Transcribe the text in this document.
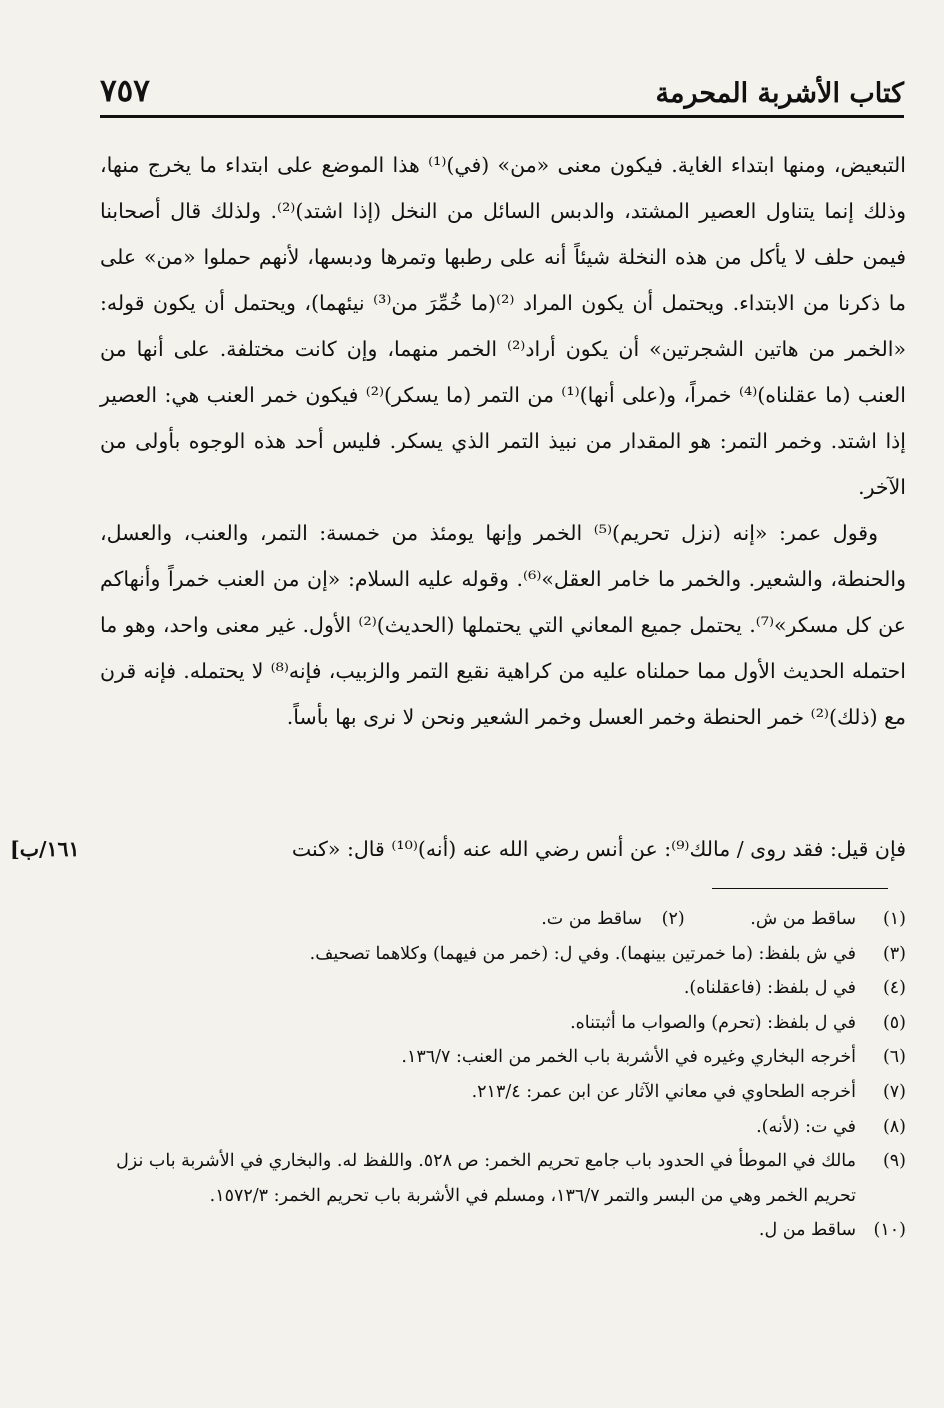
كتاب الأشربة المحرمة
٧٥٧

التبعيض، ومنها ابتداء الغاية. فيكون معنى «من» (في)⁽¹⁾ هذا الموضع على ابتداء ما يخرج منها، وذلك إنما يتناول العصير المشتد، والدبس السائل من النخل (إذا اشتد)⁽²⁾. ولذلك قال أصحابنا فيمن حلف لا يأكل من هذه النخلة شيئاً أنه على رطبها وتمرها ودبسها، لأنهم حملوا «من» على ما ذكرنا من الابتداء. ويحتمل أن يكون المراد ⁽²⁾(ما خُمِّرَ من⁽³⁾ نيئهما)، ويحتمل أن يكون قوله: «الخمر من هاتين الشجرتين» أن يكون أراد⁽²⁾ الخمر منهما، وإن كانت مختلفة. على أنها من العنب (ما عقلناه)⁽⁴⁾ خمراً، و(على أنها)⁽¹⁾ من التمر (ما يسكر)⁽²⁾ فيكون خمر العنب هي: العصير إذا اشتد. وخمر التمر: هو المقدار من نبيذ التمر الذي يسكر. فليس أحد هذه الوجوه بأولى من الآخر.

وقول عمر: «إنه (نزل تحريم)⁽⁵⁾ الخمر وإنها يومئذ من خمسة: التمر، والعنب، والعسل، والحنطة، والشعير. والخمر ما خامر العقل»⁽⁶⁾. وقوله عليه السلام: «إن من العنب خمراً وأنهاكم عن كل مسكر»⁽⁷⁾. يحتمل جميع المعاني التي يحتملها (الحديث)⁽²⁾ الأول. غير معنى واحد، وهو ما احتمله الحديث الأول مما حملناه عليه من كراهية نقيع التمر والزبيب، فإنه⁽⁸⁾ لا يحتمله. فإنه قرن مع (ذلك)⁽²⁾ خمر الحنطة وخمر العسل وخمر الشعير ونحن لا نرى بها بأساً.

فإن قيل: فقد روى / مالك⁽⁹⁾: عن أنس رضي الله عنه (أنه)⁽¹⁰⁾ قال: «كنت
[١٦١/ب
(١)
ساقط من ش. (٢) ساقط من ت.
(٣)
في ش بلفظ: (ما خمرتين بينهما). وفي ل: (خمر من فيهما) وكلاهما تصحيف.
(٤)
في ل بلفظ: (فاعقلناه).
(٥)
في ل بلفظ: (تحرم) والصواب ما أثبتناه.
(٦)
أخرجه البخاري وغيره في الأشربة باب الخمر من العنب: ١٣٦/٧.
(٧)
أخرجه الطحاوي في معاني الآثار عن ابن عمر: ٢١٣/٤.
(٨)
في ت: (لأنه).
(٩)
مالك في الموطأ في الحدود باب جامع تحريم الخمر: ص ٥٢٨. واللفظ له. والبخاري في الأشربة باب نزل تحريم الخمر وهي من البسر والتمر ١٣٦/٧، ومسلم في الأشربة باب تحريم الخمر: ١٥٧٢/٣.
(١٠)
ساقط من ل.
